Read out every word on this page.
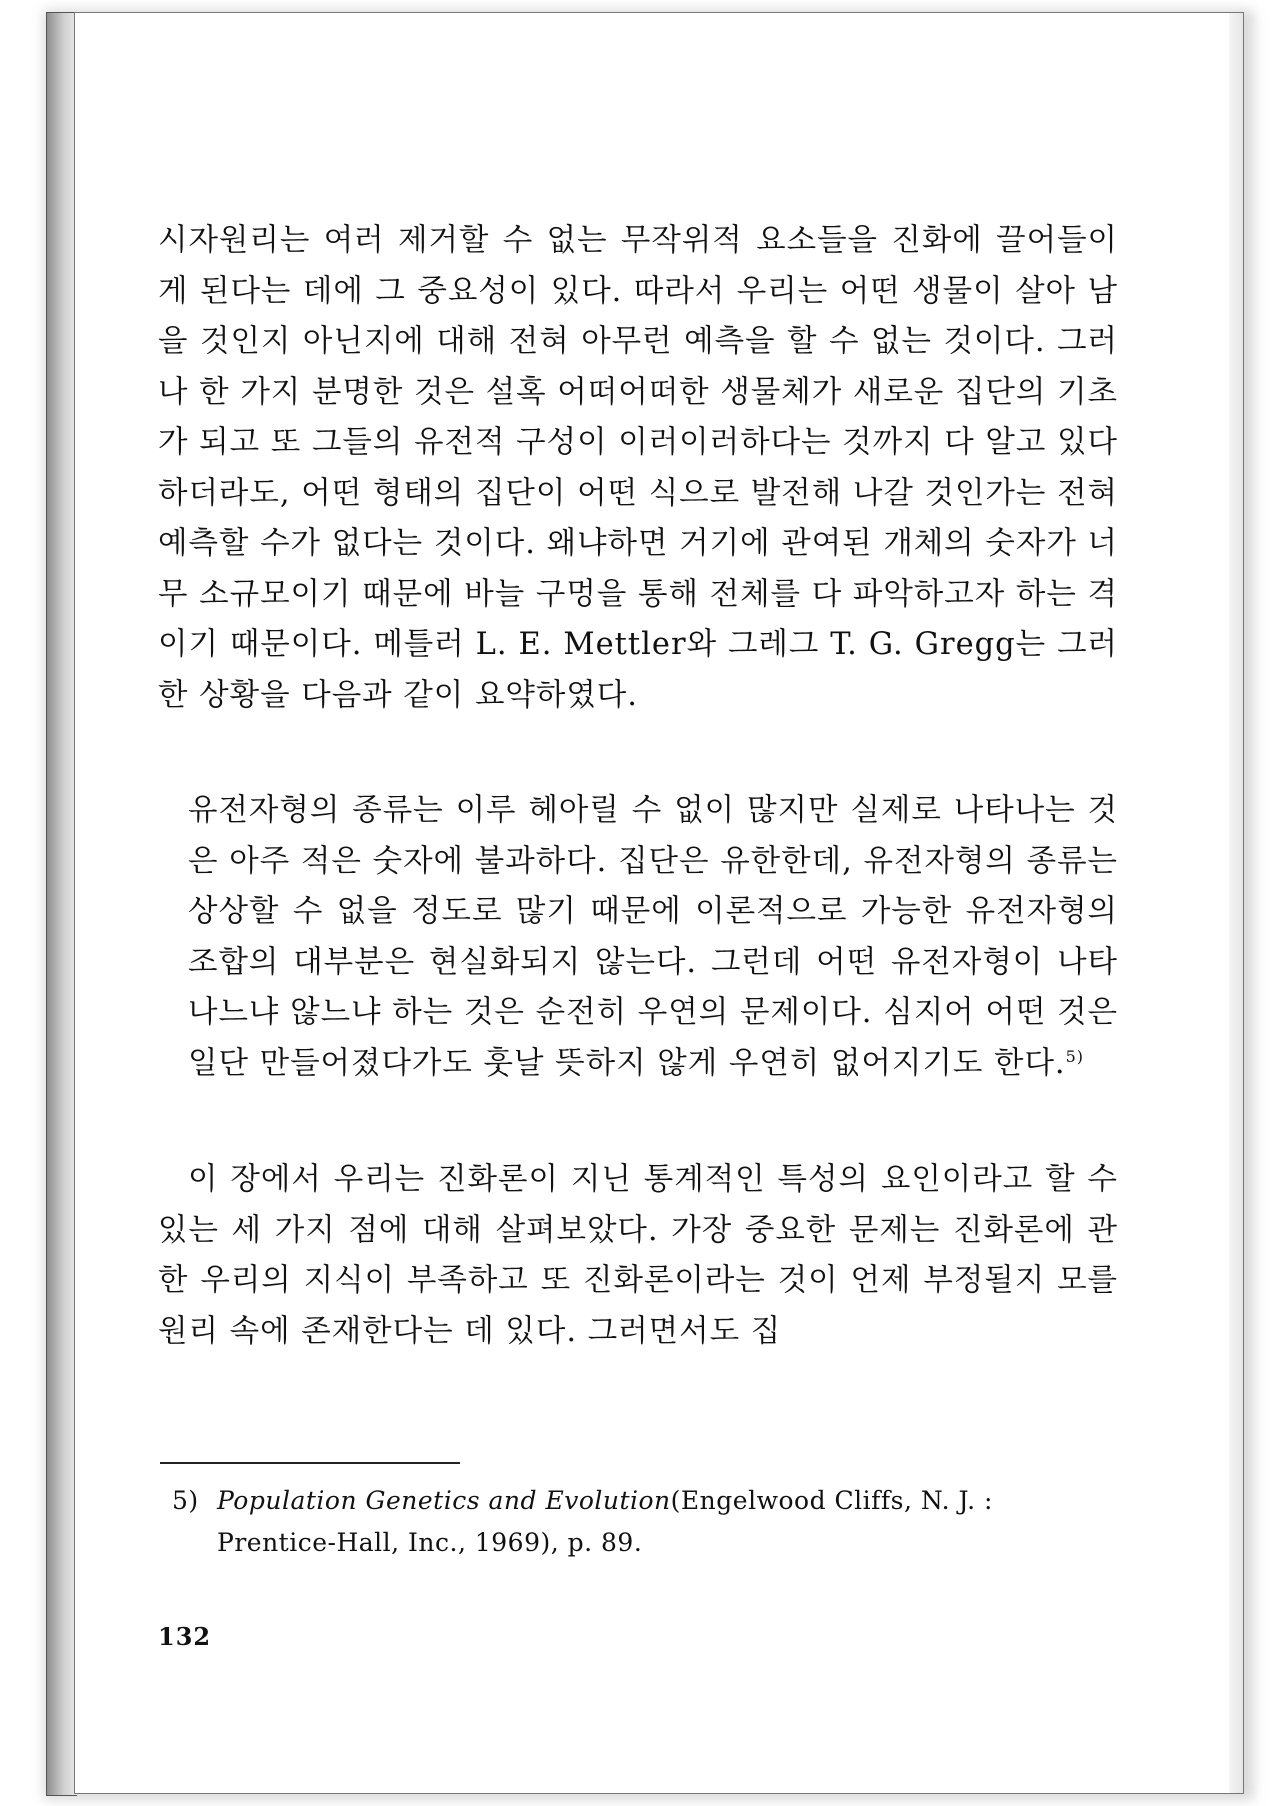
시자원리는 여러 제거할 수 없는 무작위적 요소들을 진화에 끌어들이게 된다는 데에 그 중요성이 있다. 따라서 우리는 어떤 생물이 살아 남을 것인지 아닌지에 대해 전혀 아무런 예측을 할 수 없는 것이다. 그러나 한 가지 분명한 것은 설혹 어떠어떠한 생물체가 새로운 집단의 기초가 되고 또 그들의 유전적 구성이 이러이러하다는 것까지 다 알고 있다 하더라도, 어떤 형태의 집단이 어떤 식으로 발전해 나갈 것인가는 전혀 예측할 수가 없다는 것이다. 왜냐하면 거기에 관여된 개체의 숫자가 너무 소규모이기 때문에 바늘 구멍을 통해 전체를 다 파악하고자 하는 격이기 때문이다. 메틀러 L. E. Mettler와 그레그 T. G. Gregg는 그러한 상황을 다음과 같이 요약하였다.

유전자형의 종류는 이루 헤아릴 수 없이 많지만 실제로 나타나는 것은 아주 적은 숫자에 불과하다. 집단은 유한한데, 유전자형의 종류는 상상할 수 없을 정도로 많기 때문에 이론적으로 가능한 유전자형의 조합의 대부분은 현실화되지 않는다. 그런데 어떤 유전자형이 나타나느냐 않느냐 하는 것은 순전히 우연의 문제이다. 심지어 어떤 것은 일단 만들어졌다가도 훗날 뜻하지 않게 우연히 없어지기도 한다.$^{5)}$

이 장에서 우리는 진화론이 지닌 통계적인 특성의 요인이라고 할 수 있는 세 가지 점에 대해 살펴보았다. 가장 중요한 문제는 진화론에 관한 우리의 지식이 부족하고 또 진화론이라는 것이 언제 부정될지 모를 원리 속에 존재한다는 데 있다. 그러면서도 집

5) Population Genetics and Evolution(Engelwood Cliffs, N. J. :
Prentice-Hall, Inc., 1969), p. 89.
132
